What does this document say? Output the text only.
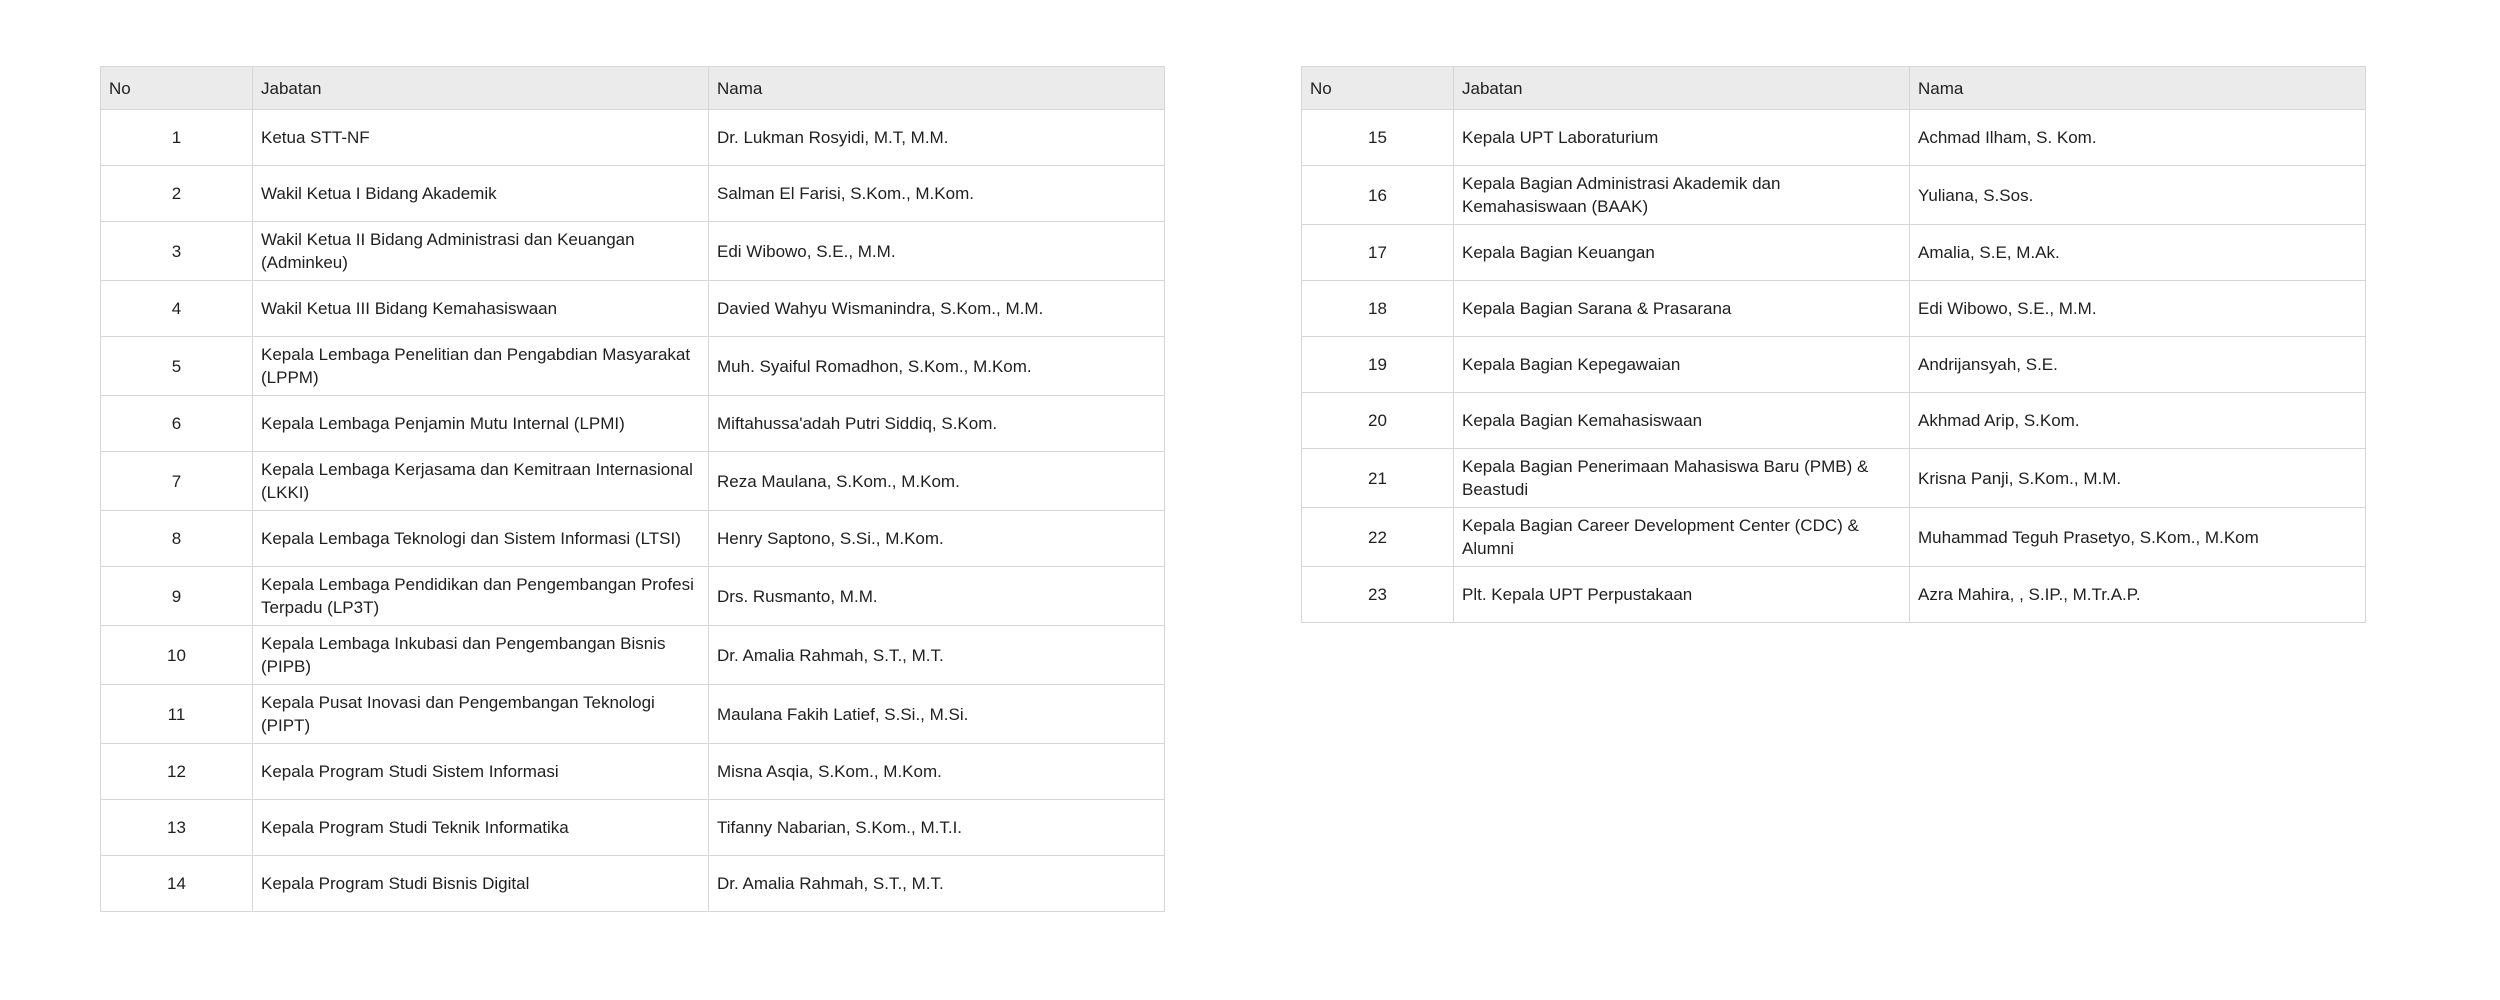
No	Jabatan	Nama
1	Ketua STT-NF	Dr. Lukman Rosyidi, M.T, M.M.
2	Wakil Ketua I Bidang Akademik	Salman El Farisi, S.Kom., M.Kom.
3	Wakil Ketua II Bidang Administrasi dan Keuangan (Adminkeu)	Edi Wibowo, S.E., M.M.
4	Wakil Ketua III Bidang Kemahasiswaan	Davied Wahyu Wismanindra, S.Kom., M.M.
5	Kepala Lembaga Penelitian dan Pengabdian Masyarakat (LPPM)	Muh. Syaiful Romadhon, S.Kom., M.Kom.
6	Kepala Lembaga Penjamin Mutu Internal (LPMI)	Miftahussa'adah Putri Siddiq, S.Kom.
7	Kepala Lembaga Kerjasama dan Kemitraan Internasional (LKKI)	Reza Maulana, S.Kom., M.Kom.
8	Kepala Lembaga Teknologi dan Sistem Informasi (LTSI)	Henry Saptono, S.Si., M.Kom.
9	Kepala Lembaga Pendidikan dan Pengembangan Profesi Terpadu (LP3T)	Drs. Rusmanto, M.M.
10	Kepala Lembaga Inkubasi dan Pengembangan Bisnis (PIPB)	Dr. Amalia Rahmah, S.T., M.T.
11	Kepala Pusat Inovasi dan Pengembangan Teknologi (PIPT)	Maulana Fakih Latief, S.Si., M.Si.
12	Kepala Program Studi Sistem Informasi	Misna Asqia, S.Kom., M.Kom.
13	Kepala Program Studi Teknik Informatika	Tifanny Nabarian, S.Kom., M.T.I.
14	Kepala Program Studi Bisnis Digital	Dr. Amalia Rahmah, S.T., M.T.
No	Jabatan	Nama
15	Kepala UPT Laboraturium	Achmad Ilham, S. Kom.
16	Kepala Bagian Administrasi Akademik dan Kemahasiswaan (BAAK)	Yuliana, S.Sos.
17	Kepala Bagian Keuangan	Amalia, S.E, M.Ak.
18	Kepala Bagian Sarana & Prasarana	Edi Wibowo, S.E., M.M.
19	Kepala Bagian Kepegawaian	Andrijansyah, S.E.
20	Kepala Bagian Kemahasiswaan	Akhmad Arip, S.Kom.
21	Kepala Bagian Penerimaan Mahasiswa Baru (PMB) & Beastudi	Krisna Panji, S.Kom., M.M.
22	Kepala Bagian Career Development Center (CDC) & Alumni	Muhammad Teguh Prasetyo, S.Kom., M.Kom
23	Plt. Kepala UPT Perpustakaan	Azra Mahira, , S.IP., M.Tr.A.P.
